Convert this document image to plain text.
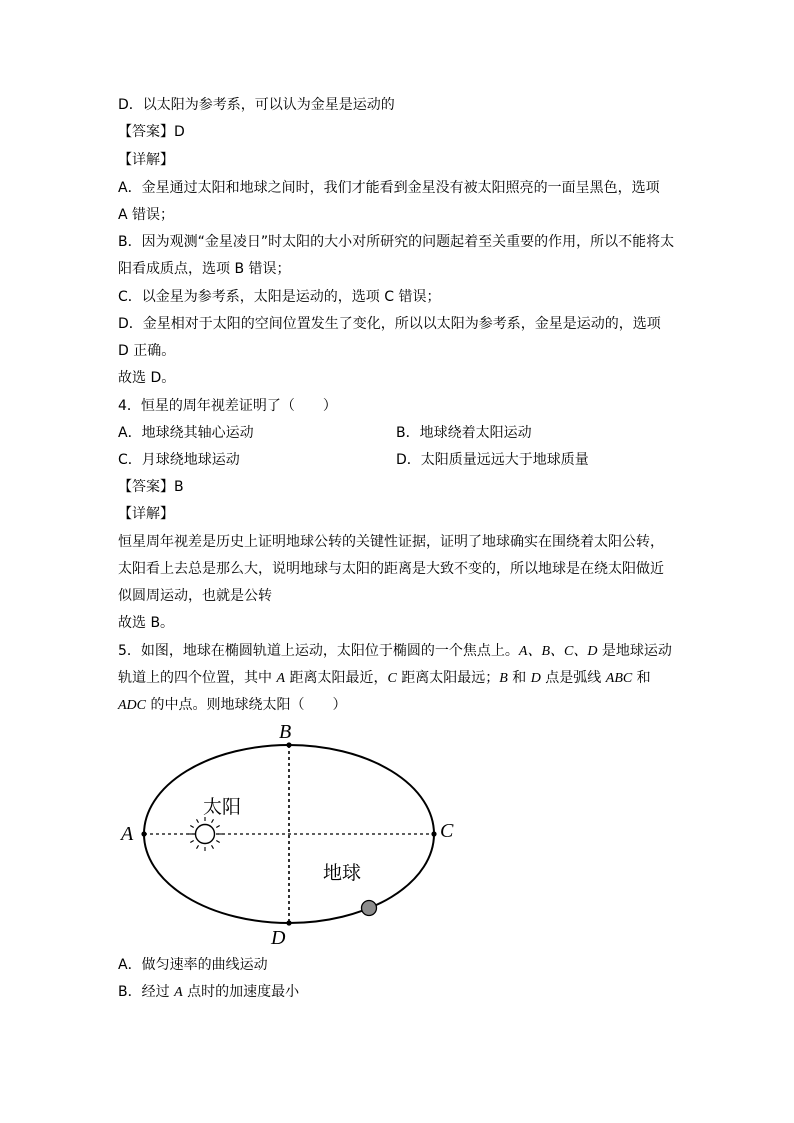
D．以太阳为参考系，可以认为金星是运动的
【答案】D
【详解】
A．金星通过太阳和地球之间时，我们才能看到金星没有被太阳照亮的一面呈黑色，选项
A 错误；
B．因为观测“金星凌日”时太阳的大小对所研究的问题起着至关重要的作用，所以不能将太
阳看成质点，选项 B 错误；
C．以金星为参考系，太阳是运动的，选项 C 错误；
D．金星相对于太阳的空间位置发生了变化，所以以太阳为参考系，金星是运动的，选项
D 正确。
故选 D。
4．恒星的周年视差证明了（　　）
A．地球绕其轴心运动	B．地球绕着太阳运动
C．月球绕地球运动	D．太阳质量远远大于地球质量
【答案】B
【详解】
恒星周年视差是历史上证明地球公转的关键性证据，证明了地球确实在围绕着太阳公转，
太阳看上去总是那么大，说明地球与太阳的距离是大致不变的，所以地球是在绕太阳做近
似圆周运动，也就是公转
故选 B。
5．如图，地球在椭圆轨道上运动，太阳位于椭圆的一个焦点上。A、B、C、D 是地球运动
轨道上的四个位置，其中 A 距离太阳最近，C 距离太阳最远；B 和 D 点是弧线 ABC 和
ADC 的中点。则地球绕太阳（　　）
A
B
C
D
太阳
地球
A．做匀速率的曲线运动
B．经过 A 点时的加速度最小
